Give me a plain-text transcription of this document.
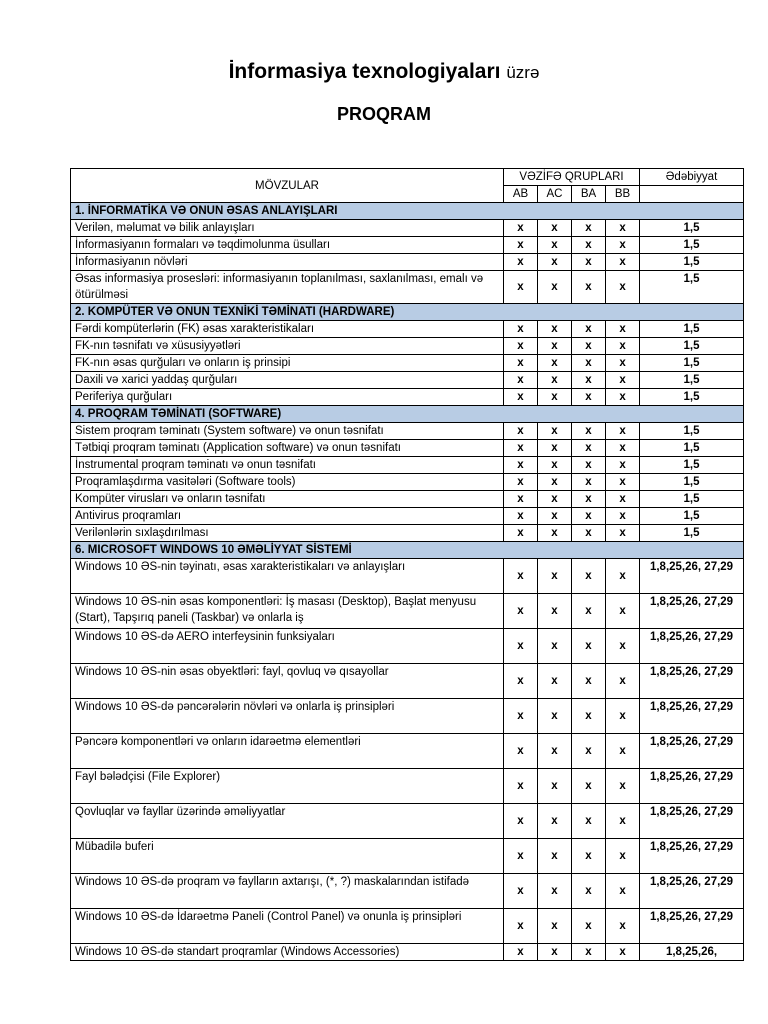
İnformasiya texnologiyaları üzrə
PROQRAM
MÖVZULAR	VƏZİFƏ QRUPLARI				Ədəbiyyat
	AB	AC	BA	BB	
1. İNFORMATİKA VƏ ONUN ƏSAS ANLAYIŞLARI					
Verilən, məlumat və bilik anlayışları	x	x	x	x	1,5
İnformasiyanın formaları və təqdimolunma üsulları	x	x	x	x	1,5
İnformasiyanın növləri	x	x	x	x	1,5
Əsas informasiya prosesləri: informasiyanın toplanılması, saxlanılması, emalı və ötürülməsi	x	x	x	x	1,5
2. KOMPÜTER VƏ ONUN TEXNİKİ TƏMİNATI (HARDWARE)					
Fərdi kompüterlərin (FK) əsas xarakteristikaları	x	x	x	x	1,5
FK-nın təsnifatı və xüsusiyyətləri	x	x	x	x	1,5
FK-nın əsas qurğuları və onların iş prinsipi	x	x	x	x	1,5
Daxili və xarici yaddaş qurğuları	x	x	x	x	1,5
Periferiya qurğuları	x	x	x	x	1,5
4. PROQRAM TƏMİNATI (SOFTWARE)					
Sistem proqram təminatı (System software) və onun təsnifatı	x	x	x	x	1,5
Tətbiqi proqram təminatı (Application software) və onun təsnifatı	x	x	x	x	1,5
İnstrumental proqram təminatı və onun təsnifatı	x	x	x	x	1,5
Proqramlaşdırma vasitələri (Software tools)	x	x	x	x	1,5
Kompüter virusları və onların təsnifatı	x	x	x	x	1,5
Antivirus proqramları	x	x	x	x	1,5
Verilənlərin sıxlaşdırılması	x	x	x	x	1,5
6. MICROSOFT WINDOWS 10 ƏMƏLİYYAT SİSTEMİ					
Windows 10 ƏS-nin təyinatı, əsas xarakteristikaları və anlayışları	x	x	x	x	1,8,25,26, 27,29
Windows 10 ƏS-nin əsas komponentləri: İş masası (Desktop), Başlat menyusu (Start), Tapşırıq paneli (Taskbar) və onlarla iş	x	x	x	x	1,8,25,26, 27,29
Windows 10 ƏS-də AERO interfeysinin funksiyaları	x	x	x	x	1,8,25,26, 27,29
Windows 10 ƏS-nin əsas obyektləri: fayl, qovluq və qısayollar	x	x	x	x	1,8,25,26, 27,29
Windows 10 ƏS-də pəncərələrin növləri və onlarla iş prinsipləri	x	x	x	x	1,8,25,26, 27,29
Pəncərə komponentləri və onların idarəetmə elementləri	x	x	x	x	1,8,25,26, 27,29
Fayl bələdçisi (File Explorer)	x	x	x	x	1,8,25,26, 27,29
Qovluqlar və fayllar üzərində əməliyyatlar	x	x	x	x	1,8,25,26, 27,29
Mübadilə buferi	x	x	x	x	1,8,25,26, 27,29
Windows 10 ƏS-də proqram və faylların axtarışı, (*, ?) maskalarından istifadə	x	x	x	x	1,8,25,26, 27,29
Windows 10 ƏS-də İdarəetmə Paneli (Control Panel) və onunla iş prinsipləri	x	x	x	x	1,8,25,26, 27,29
Windows 10 ƏS-də standart proqramlar (Windows Accessories)	x	x	x	x	1,8,25,26,
